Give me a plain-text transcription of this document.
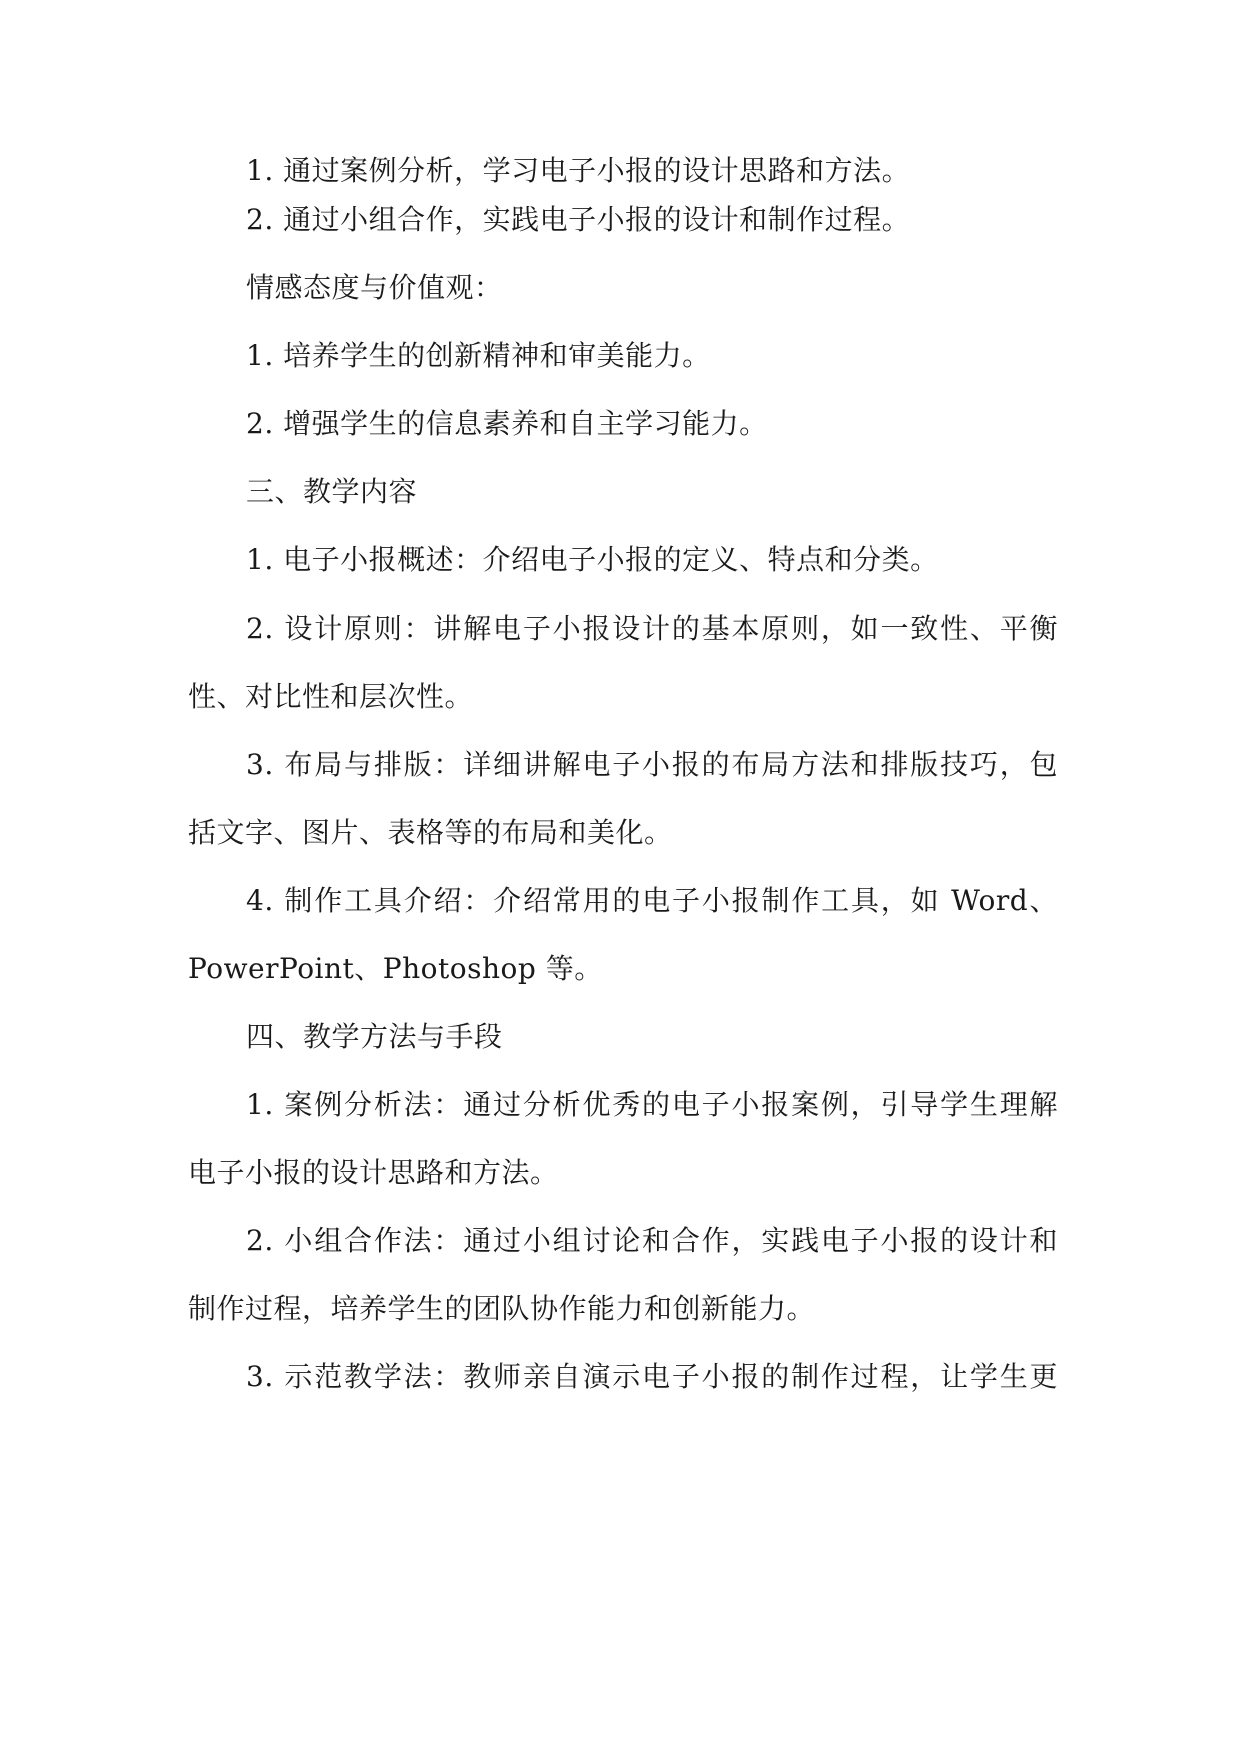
1. 通过案例分析，学习电子小报的设计思路和方法。
2. 通过小组合作，实践电子小报的设计和制作过程。
情感态度与价值观：
1. 培养学生的创新精神和审美能力。
2. 增强学生的信息素养和自主学习能力。
三、教学内容
1. 电子小报概述：介绍电子小报的定义、特点和分类。
2. 设计原则：讲解电子小报设计的基本原则，如一致性、平衡
性、对比性和层次性。
3. 布局与排版：详细讲解电子小报的布局方法和排版技巧，包
括文字、图片、表格等的布局和美化。
4. 制作工具介绍：介绍常用的电子小报制作工具，如 Word、
PowerPoint、Photoshop 等。
四、教学方法与手段
1. 案例分析法：通过分析优秀的电子小报案例，引导学生理解
电子小报的设计思路和方法。
2. 小组合作法：通过小组讨论和合作，实践电子小报的设计和
制作过程，培养学生的团队协作能力和创新能力。
3. 示范教学法：教师亲自演示电子小报的制作过程，让学生更
